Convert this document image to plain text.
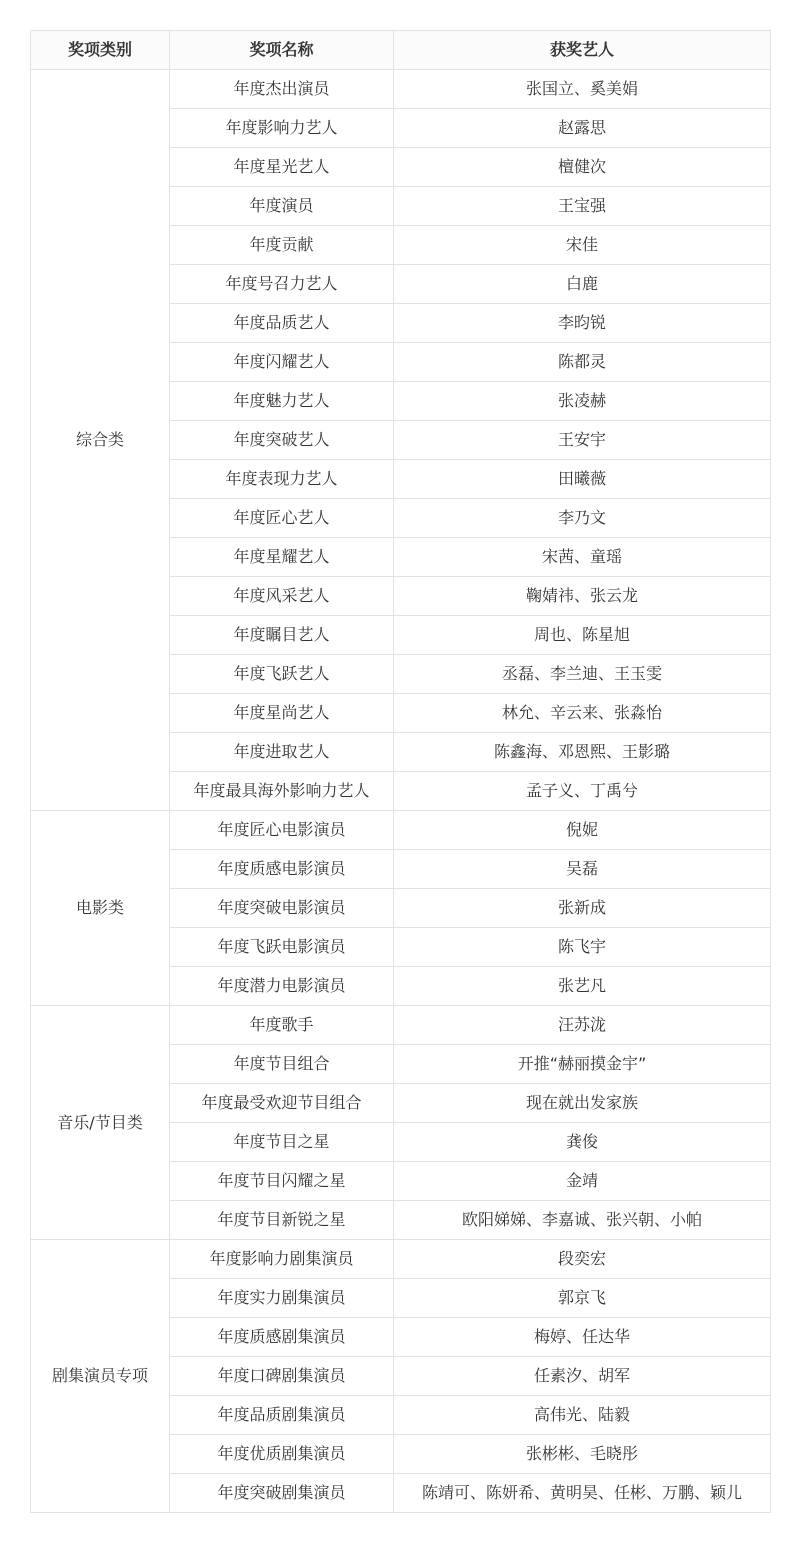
奖项类别	奖项名称	获奖艺人
综合类	年度杰出演员	张国立、奚美娟
	年度影响力艺人	赵露思
	年度星光艺人	檀健次
	年度演员	王宝强
	年度贡献	宋佳
	年度号召力艺人	白鹿
	年度品质艺人	李昀锐
	年度闪耀艺人	陈都灵
	年度魅力艺人	张凌赫
	年度突破艺人	王安宇
	年度表现力艺人	田曦薇
	年度匠心艺人	李乃文
	年度星耀艺人	宋茜、童瑶
	年度风采艺人	鞠婧祎、张云龙
	年度瞩目艺人	周也、陈星旭
	年度飞跃艺人	丞磊、李兰迪、王玉雯
	年度星尚艺人	林允、辛云来、张淼怡
	年度进取艺人	陈鑫海、邓恩熙、王影璐
	年度最具海外影响力艺人	孟子义、丁禹兮
电影类	年度匠心电影演员	倪妮
	年度质感电影演员	吴磊
	年度突破电影演员	张新成
	年度飞跃电影演员	陈飞宇
	年度潜力电影演员	张艺凡
音乐/节目类	年度歌手	汪苏泷
	年度节目组合	开推“赫丽摸金宇”
	年度最受欢迎节目组合	现在就出发家族
	年度节目之星	龚俊
	年度节目闪耀之星	金靖
	年度节目新锐之星	欧阳娣娣、李嘉诚、张兴朝、小帕
剧集演员专项	年度影响力剧集演员	段奕宏
	年度实力剧集演员	郭京飞
	年度质感剧集演员	梅婷、任达华
	年度口碑剧集演员	任素汐、胡军
	年度品质剧集演员	高伟光、陆毅
	年度优质剧集演员	张彬彬、毛晓彤
	年度突破剧集演员	陈靖可、陈妍希、黄明昊、任彬、万鹏、颖儿
